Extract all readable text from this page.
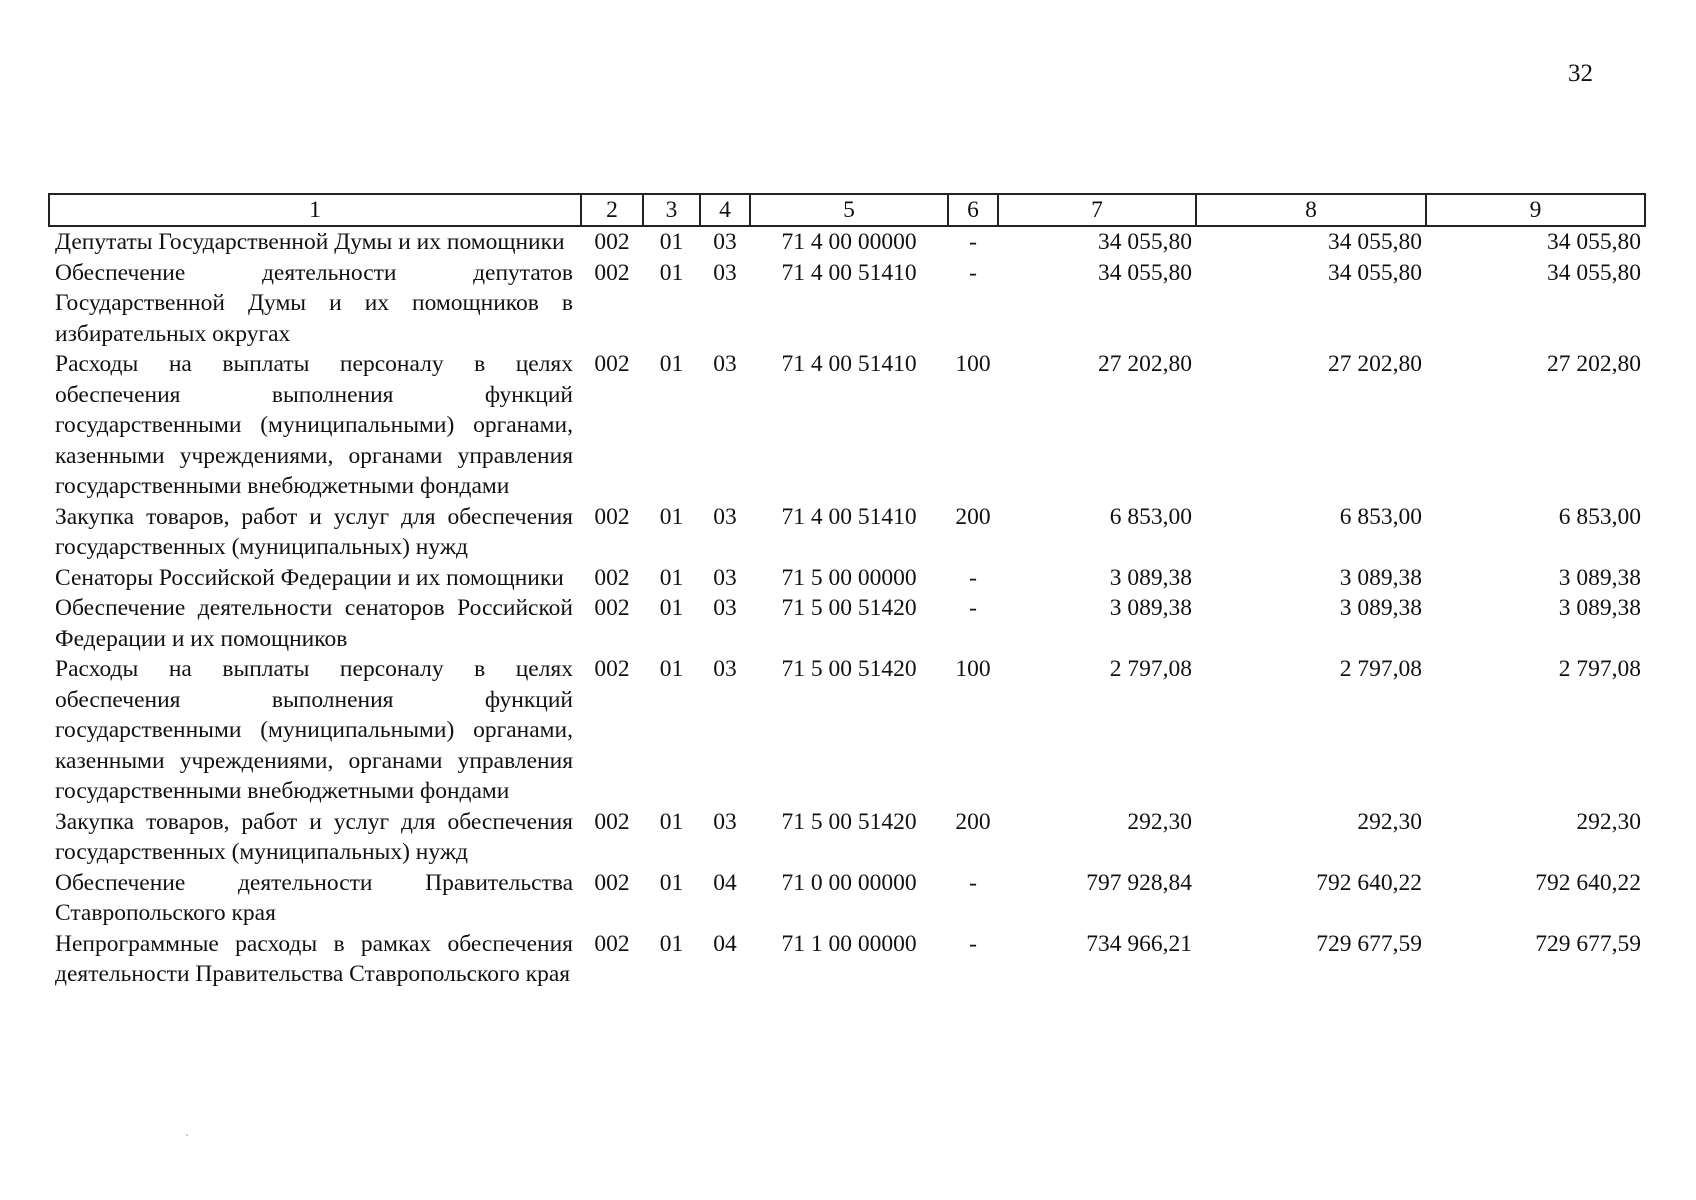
32
1	2	3	4	5	6	7	8	9
Депутаты Государственной Думы и их помощники	002	01	03	71 4 00 00000	-	34 055,80	34 055,80	34 055,80
Обеспечение деятельности депутатов Государственной Думы и их помощников в избирательных округах	002	01	03	71 4 00 51410	-	34 055,80	34 055,80	34 055,80
Расходы на выплаты персоналу в целях обеспечения выполнения функций государственными (муниципальными) органами, казенными учреждениями, органами управления государственными внебюджетными фондами	002	01	03	71 4 00 51410	100	27 202,80	27 202,80	27 202,80
Закупка товаров, работ и услуг для обеспечения государственных (муниципальных) нужд	002	01	03	71 4 00 51410	200	6 853,00	6 853,00	6 853,00
Сенаторы Российской Федерации и их помощники	002	01	03	71 5 00 00000	-	3 089,38	3 089,38	3 089,38
Обеспечение деятельности сенаторов Российской Федерации и их помощников	002	01	03	71 5 00 51420	-	3 089,38	3 089,38	3 089,38
Расходы на выплаты персоналу в целях обеспечения выполнения функций государственными (муниципальными) органами, казенными учреждениями, органами управления государственными внебюджетными фондами	002	01	03	71 5 00 51420	100	2 797,08	2 797,08	2 797,08
Закупка товаров, работ и услуг для обеспечения государственных (муниципальных) нужд	002	01	03	71 5 00 51420	200	292,30	292,30	292,30
Обеспечение деятельности Правительства Ставропольского края	002	01	04	71 0 00 00000	-	797 928,84	792 640,22	792 640,22
Непрограммные расходы в рамках обеспечения деятельности Правительства Ставропольского края	002	01	04	71 1 00 00000	-	734 966,21	729 677,59	729 677,59
